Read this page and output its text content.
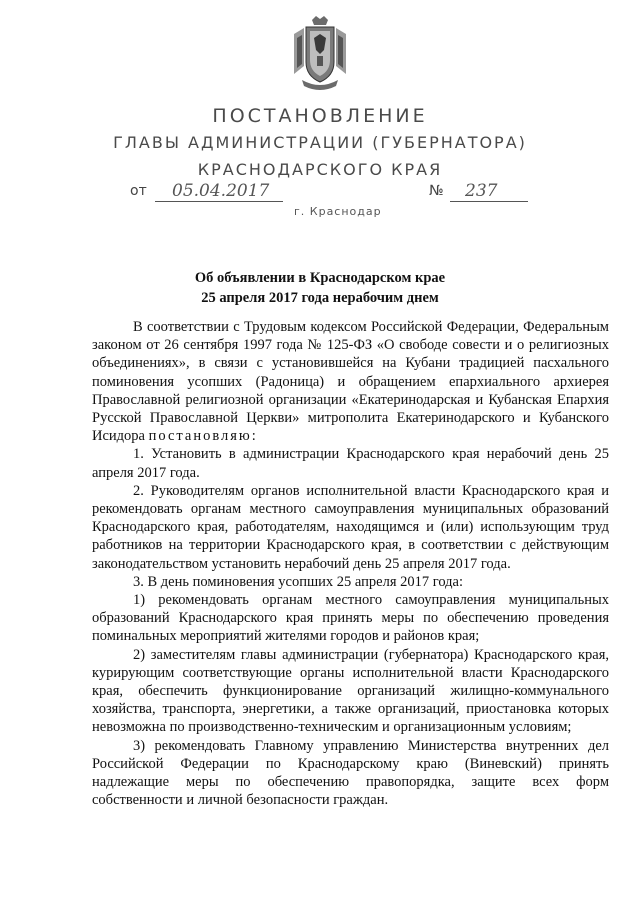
ПОСТАНОВЛЕНИЕ
ГЛАВЫ АДМИНИСТРАЦИИ (ГУБЕРНАТОРА)
КРАСНОДАРСКОГО КРАЯ
от 05.04.2017	№ 237
г. Краснодар
Об объявлении в Краснодарском крае
25 апреля 2017 года нерабочим днем

В соответствии с Трудовым кодексом Российской Федерации, Федеральным законом от 26 сентября 1997 года № 125-ФЗ «О свободе совести и о религиозных объединениях», в связи с установившейся на Кубани традицией пасхального поминовения усопших (Радоница) и обращением епархиального архиерея Православной религиозной организации «Екатеринодарская и Кубанская Епархия Русской Православной Церкви» митрополита Екатеринодарского и Кубанского Исидора постановляю:

1. Установить в администрации Краснодарского края нерабочий день 25 апреля 2017 года.

2. Руководителям органов исполнительной власти Краснодарского края и рекомендовать органам местного самоуправления муниципальных образований Краснодарского края, работодателям, находящимся и (или) использующим труд работников на территории Краснодарского края, в соответствии с действующим законодательством установить нерабочий день 25 апреля 2017 года.

3. В день поминовения усопших 25 апреля 2017 года:

1) рекомендовать органам местного самоуправления муниципальных образований Краснодарского края принять меры по обеспечению проведения поминальных мероприятий жителями городов и районов края;

2) заместителям главы администрации (губернатора) Краснодарского края, курирующим соответствующие органы исполнительной власти Краснодарского края, обеспечить функционирование организаций жилищно-коммунального хозяйства, транспорта, энергетики, а также организаций, приостановка которых невозможна по производственно-техническим и организационным условиям;

3) рекомендовать Главному управлению Министерства внутренних дел Российской Федерации по Краснодарскому краю (Виневский) принять надлежащие меры по обеспечению правопорядка, защите всех форм собственности и личной безопасности граждан.
